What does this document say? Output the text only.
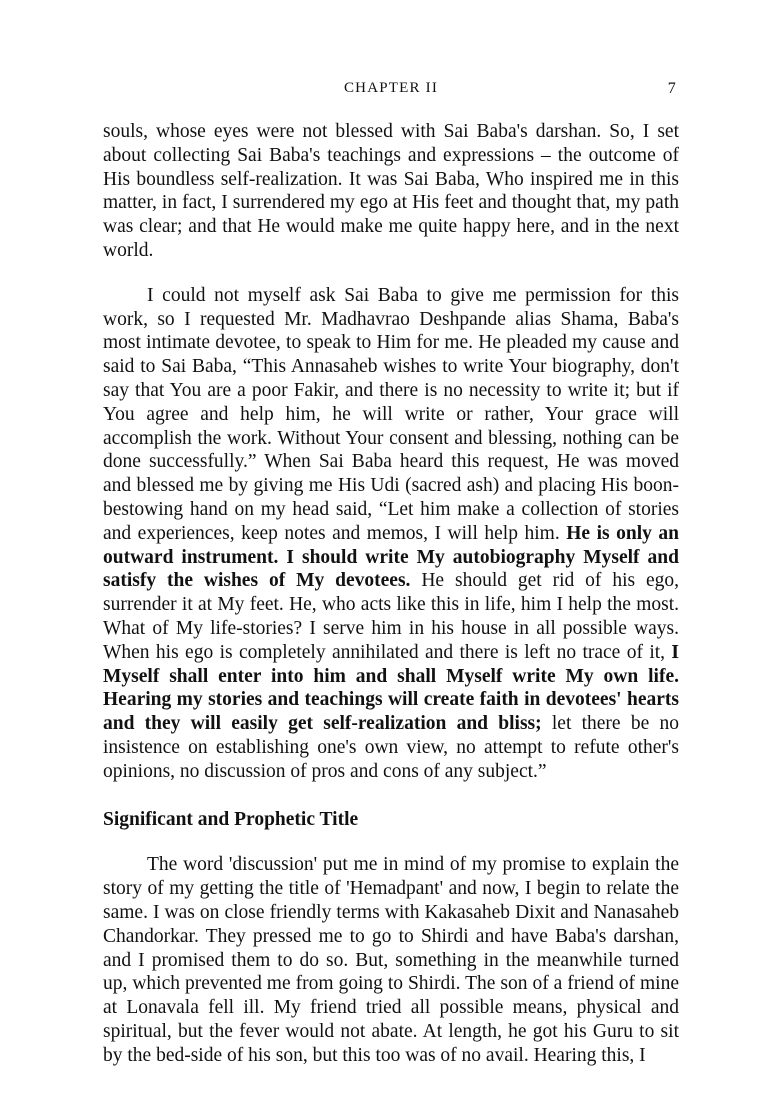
CHAPTER II	7

souls, whose eyes were not blessed with Sai Baba's darshan. So, I set about collecting Sai Baba's teachings and expressions – the outcome of His boundless self-realization. It was Sai Baba, Who inspired me in this matter, in fact, I surrendered my ego at His feet and thought that, my path was clear; and that He would make me quite happy here, and in the next world.

I could not myself ask Sai Baba to give me permission for this work, so I requested Mr. Madhavrao Deshpande alias Shama, Baba's most intimate devotee, to speak to Him for me. He pleaded my cause and said to Sai Baba, “This Annasaheb wishes to write Your biography, don't say that You are a poor Fakir, and there is no necessity to write it; but if You agree and help him, he will write or rather, Your grace will accomplish the work. Without Your consent and blessing, nothing can be done successfully.” When Sai Baba heard this request, He was moved and blessed me by giving me His Udi (sacred ash) and placing His boon-bestowing hand on my head said, “Let him make a collection of stories and experiences, keep notes and memos, I will help him. He is only an outward instrument. I should write My autobiography Myself and satisfy the wishes of My devotees. He should get rid of his ego, surrender it at My feet. He, who acts like this in life, him I help the most. What of My life-stories? I serve him in his house in all possible ways. When his ego is completely annihilated and there is left no trace of it, I Myself shall enter into him and shall Myself write My own life. Hearing my stories and teachings will create faith in devotees' hearts and they will easily get self-realization and bliss; let there be no insistence on establishing one's own view, no attempt to refute other's opinions, no discussion of pros and cons of any subject.”

Significant and Prophetic Title

The word 'discussion' put me in mind of my promise to explain the story of my getting the title of 'Hemadpant' and now, I begin to relate the same. I was on close friendly terms with Kakasaheb Dixit and Nanasaheb Chandorkar. They pressed me to go to Shirdi and have Baba's darshan, and I promised them to do so. But, something in the meanwhile turned up, which prevented me from going to Shirdi. The son of a friend of mine at Lonavala fell ill. My friend tried all possible means, physical and spiritual, but the fever would not abate. At length, he got his Guru to sit by the bed-side of his son, but this too was of no avail. Hearing this, I
